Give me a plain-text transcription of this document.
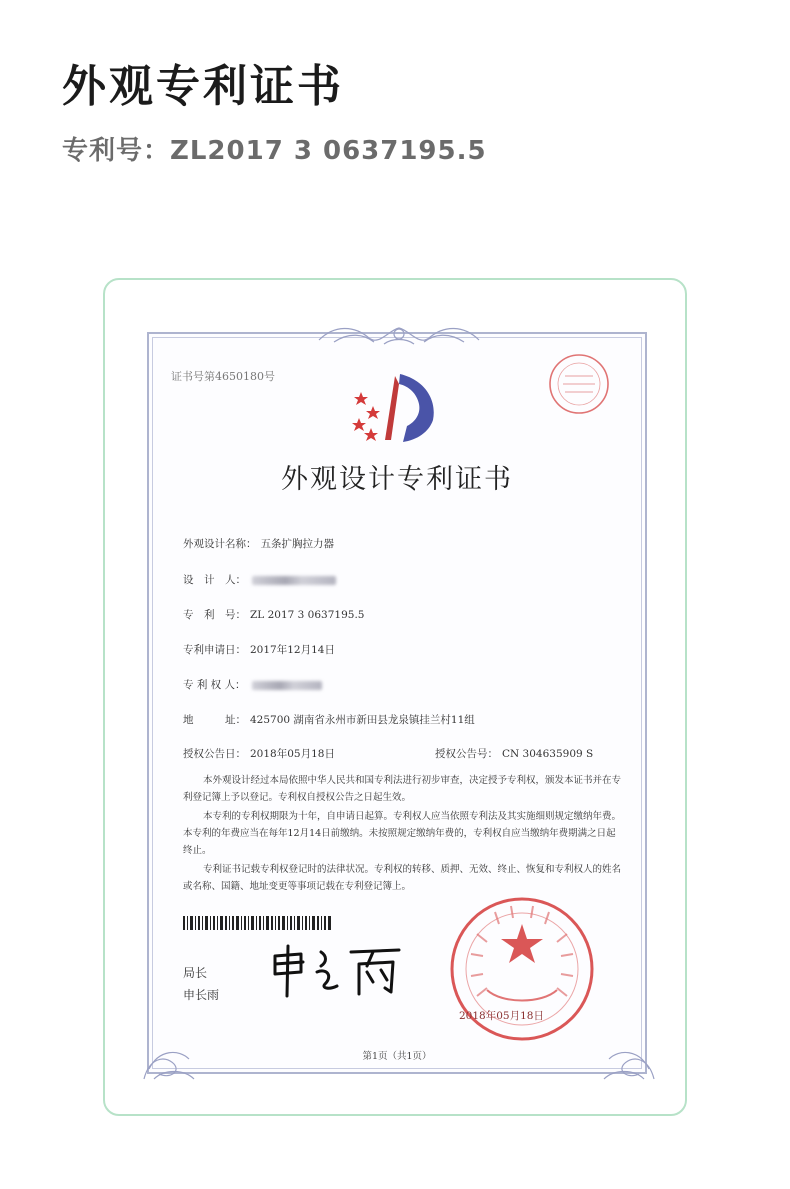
外观专利证书
专利号：ZL2017 3 0637195.5
证书号第4650180号
外观设计专利证书
外观设计名称： 五条扩胸拉力器
设　计　人：
专　利　号： ZL 2017 3 0637195.5
专利申请日： 2017年12月14日
专 利 权 人：
地　　　址： 425700 湖南省永州市新田县龙泉镇挂兰村11组
授权公告日： 2018年05月18日	授权公告号： CN 304635909 S
本外观设计经过本局依照中华人民共和国专利法进行初步审查，决定授予专利权，颁发本证书并在专利登记簿上予以登记。专利权自授权公告之日起生效。
本专利的专利权期限为十年，自申请日起算。专利权人应当依照专利法及其实施细则规定缴纳年费。本专利的年费应当在每年12月14日前缴纳。未按照规定缴纳年费的，专利权自应当缴纳年费期满之日起终止。
专利证书记载专利权登记时的法律状况。专利权的转移、质押、无效、终止、恢复和专利权人的姓名或名称、国籍、地址变更等事项记载在专利登记簿上。
局长
申长雨
2018年05月18日
第1页（共1页）
